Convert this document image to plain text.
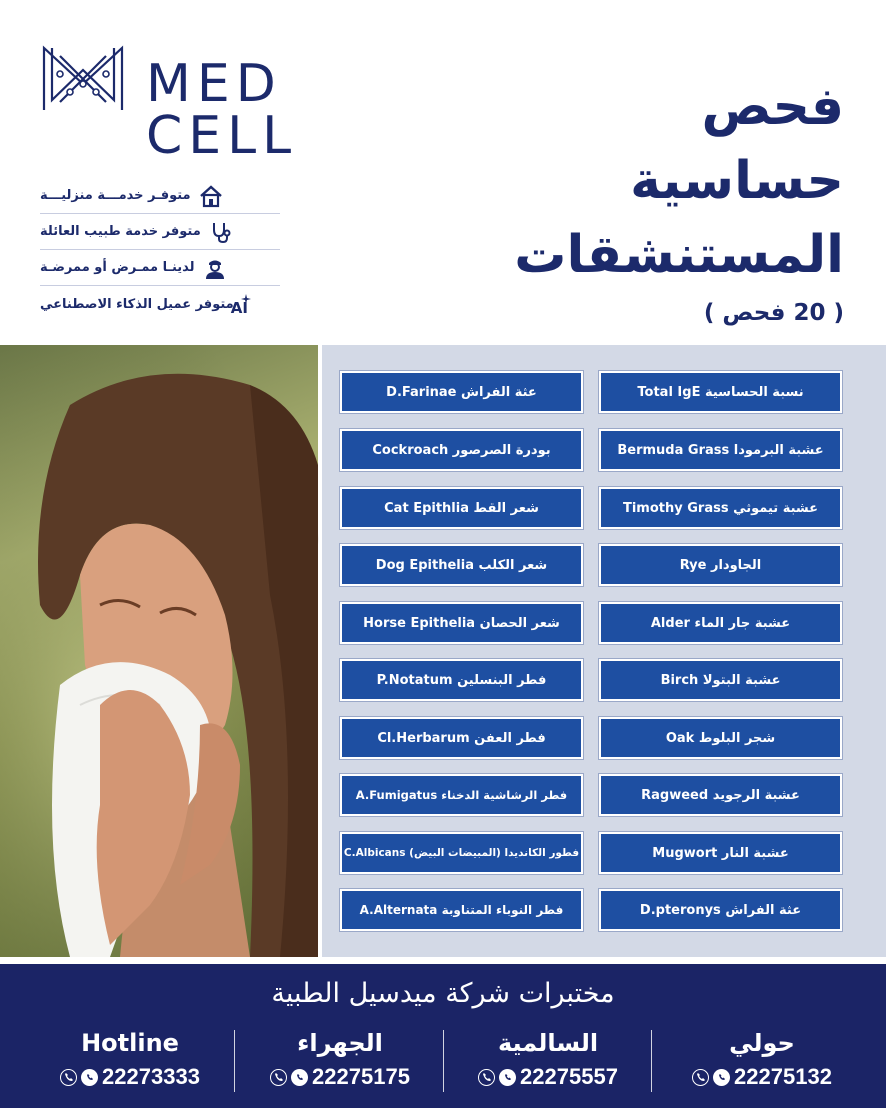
MED
CELL
متوفـر خدمـــة منزليـــة
متوفر خدمة طبيب العائلة
لدينـا ممـرض أو ممرضـة
AI
متوفر عميل الذكاء الاصطناعي
فحص
حساسية
المستنشقات
( 20 فحص )
نسبة الحساسية Total IgE
عشبة البرمودا Bermuda Grass
عشبة تيموثي Timothy Grass
الجاودار Rye
عشبة جار الماء Alder
عشبة البتولا Birch
شجر البلوط Oak
عشبة الرجويد Ragweed
عشبة النار Mugwort
عثة الفراش D.pteronys
عثة الفراش D.Farinae
بودرة الصرصور Cockroach
شعر القط Cat Epithlia
شعر الكلب Dog Epithelia
شعر الحصان Horse Epithelia
فطر البنسلين P.Notatum
فطر العفن Cl.Herbarum
فطر الرشاشية الدخناء A.Fumigatus
فطور الكانديدا (المبيضات البيض) C.Albicans
فطر النوباء المتناوبة A.Alternata
مختبرات شركة ميدسيل الطبية
حولي
22275132
السالمية
22275557
الجهراء
22275175
Hotline
22273333
